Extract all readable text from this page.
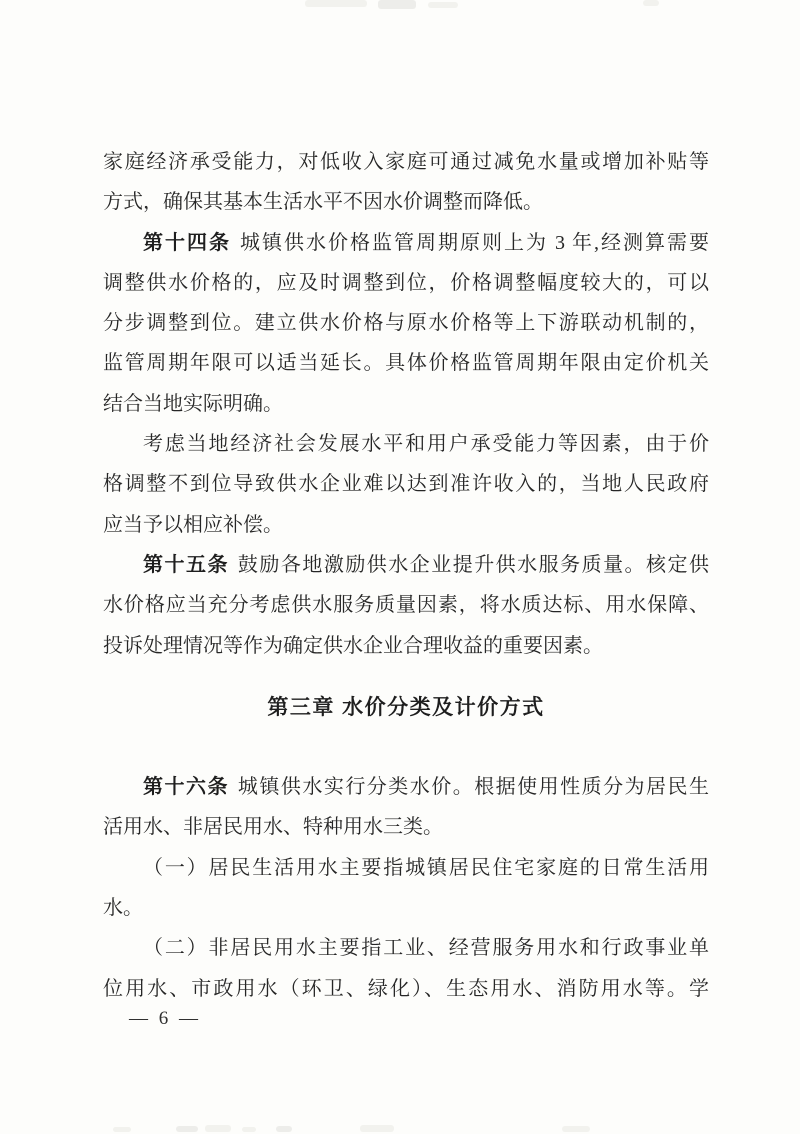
家庭经济承受能力，对低收入家庭可通过减免水量或增加补贴等
方式，确保其基本生活水平不因水价调整而降低。
第十四条 城镇供水价格监管周期原则上为 3 年,经测算需要
调整供水价格的，应及时调整到位，价格调整幅度较大的，可以
分步调整到位。建立供水价格与原水价格等上下游联动机制的，
监管周期年限可以适当延长。具体价格监管周期年限由定价机关
结合当地实际明确。
考虑当地经济社会发展水平和用户承受能力等因素，由于价
格调整不到位导致供水企业难以达到准许收入的，当地人民政府
应当予以相应补偿。
第十五条 鼓励各地激励供水企业提升供水服务质量。核定供
水价格应当充分考虑供水服务质量因素，将水质达标、用水保障、
投诉处理情况等作为确定供水企业合理收益的重要因素。
第三章 水价分类及计价方式
第十六条 城镇供水实行分类水价。根据使用性质分为居民生
活用水、非居民用水、特种用水三类。
（一）居民生活用水主要指城镇居民住宅家庭的日常生活用
水。
（二）非居民用水主要指工业、经营服务用水和行政事业单
位用水、市政用水（环卫、绿化）、生态用水、消防用水等。学
— 6 —
